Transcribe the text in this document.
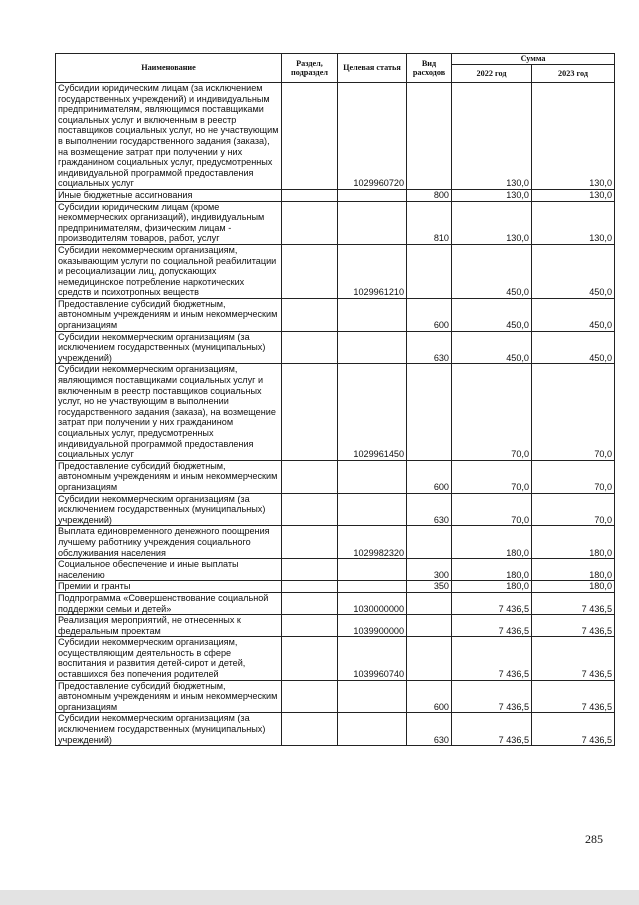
Наименование	Раздел, подраздел	Целевая статья	Вид расходов	Сумма	
				2022 год	2023 год
Субсидии юридическим лицам (за исключением государственных учреждений) и индивидуальным предпринимателям, являющимся поставщиками социальных услуг и включенным в реестр поставщиков социальных услуг, но не участвующим в выполнении государственного задания (заказа), на возмещение затрат при получении у них гражданином социальных услуг, предусмотренных индивидуальной программой предоставления социальных услуг		1029960720		130,0	130,0
Иные бюджетные ассигнования			800	130,0	130,0
Субсидии юридическим лицам (кроме некоммерческих организаций), индивидуальным предпринимателям, физическим лицам - производителям товаров, работ, услуг			810	130,0	130,0
Субсидии некоммерческим организациям, оказывающим услуги по социальной реабилитации и ресоциализации лиц, допускающих немедицинское потребление наркотических средств и психотропных веществ		1029961210		450,0	450,0
Предоставление субсидий бюджетным, автономным учреждениям и иным некоммерческим организациям			600	450,0	450,0
Субсидии некоммерческим организациям (за исключением государственных (муниципальных) учреждений)			630	450,0	450,0
Субсидии некоммерческим организациям, являющимся поставщиками социальных услуг и включенным в реестр поставщиков социальных услуг, но не участвующим в выполнении государственного задания (заказа), на возмещение затрат при получении у них гражданином социальных услуг, предусмотренных индивидуальной программой предоставления социальных услуг		1029961450		70,0	70,0
Предоставление субсидий бюджетным, автономным учреждениям и иным некоммерческим организациям			600	70,0	70,0
Субсидии некоммерческим организациям (за исключением государственных (муниципальных) учреждений)			630	70,0	70,0
Выплата единовременного денежного поощрения лучшему работнику учреждения социального обслуживания населения		1029982320		180,0	180,0
Социальное обеспечение и иные выплаты населению			300	180,0	180,0
Премии и гранты			350	180,0	180,0
Подпрограмма «Совершенствование социальной поддержки семьи и детей»		1030000000		7 436,5	7 436,5
Реализация мероприятий, не отнесенных к федеральным проектам		1039900000		7 436,5	7 436,5
Субсидии некоммерческим организациям, осуществляющим деятельность в сфере воспитания и развития детей-сирот и детей, оставшихся без попечения родителей		1039960740		7 436,5	7 436,5
Предоставление субсидий бюджетным, автономным учреждениям и иным некоммерческим организациям			600	7 436,5	7 436,5
Субсидии некоммерческим организациям (за исключением государственных (муниципальных) учреждений)			630	7 436,5	7 436,5
285
